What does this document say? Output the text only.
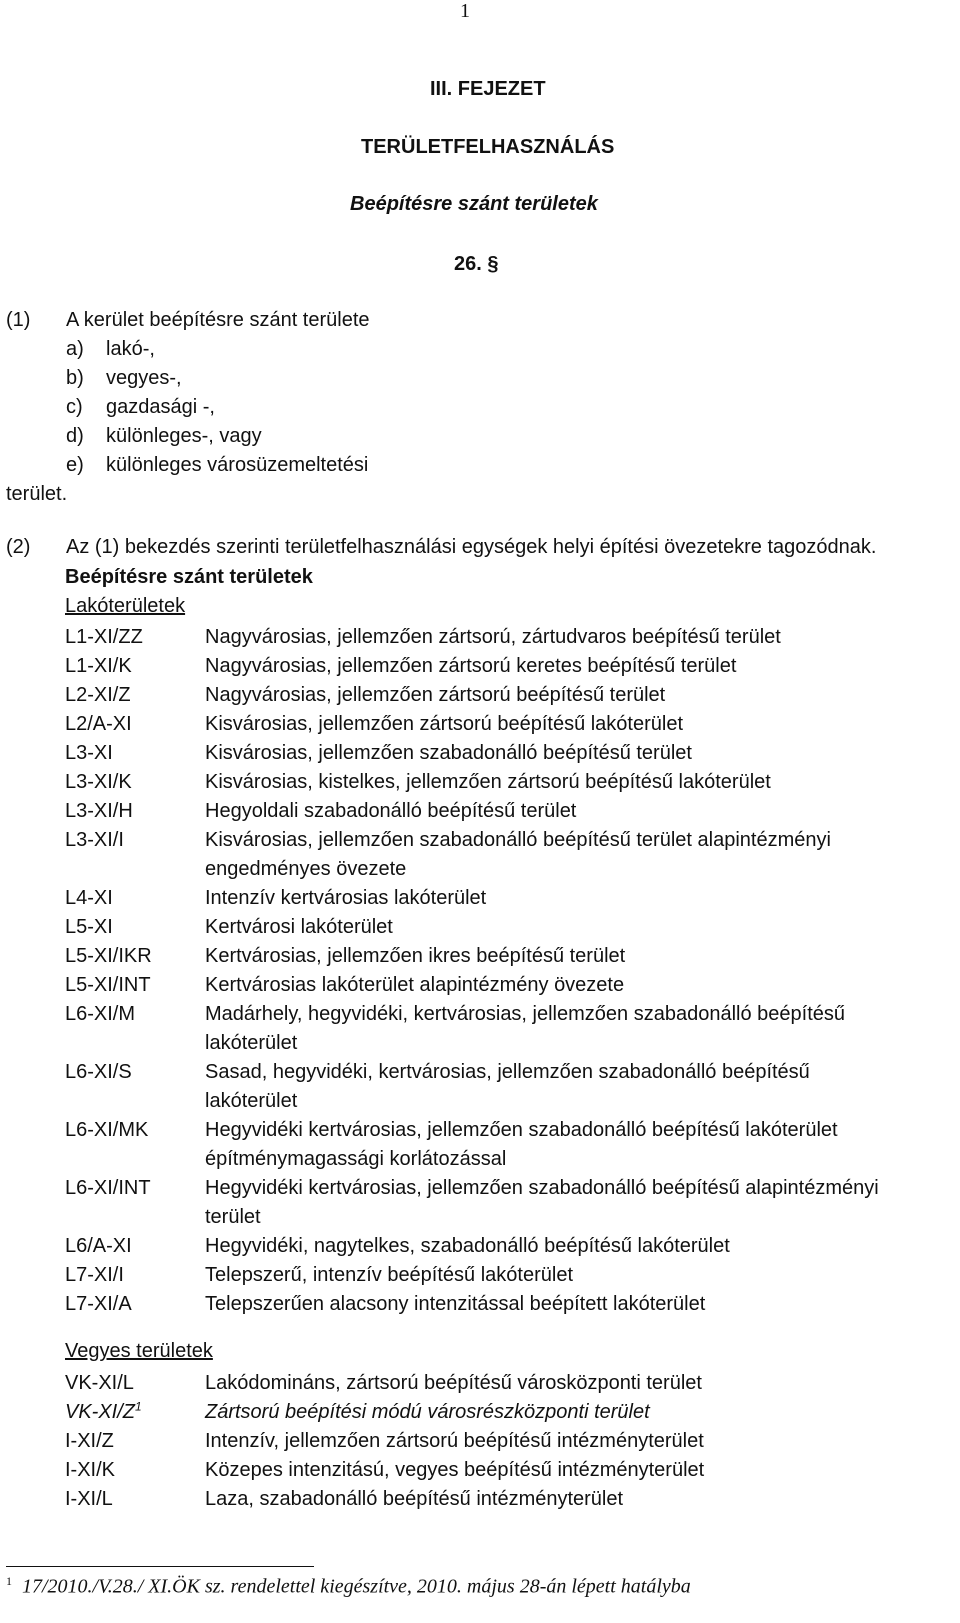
1
III. FEJEZET
TERÜLETFELHASZNÁLÁS
Beépítésre szánt területek
26. §
(1)	A kerület beépítésre szánt területe
a)	lakó-,
b)	vegyes-,
c)	gazdasági -,
d)	különleges-, vagy
e)	különleges városüzemeltetési
terület.
(2) Az (1) bekezdés szerinti területfelhasználási egységek helyi építési övezetekre tagozódnak.
Beépítésre szánt területek
Lakóterületek
L1-XI/ZZ	Nagyvárosias, jellemzően zártsorú, zártudvaros beépítésű terület
L1-XI/K	Nagyvárosias, jellemzően zártsorú keretes beépítésű terület
L2-XI/Z	Nagyvárosias, jellemzően zártsorú beépítésű terület
L2/A-XI	Kisvárosias, jellemzően zártsorú beépítésű lakóterület
L3-XI	Kisvárosias, jellemzően szabadonálló beépítésű terület
L3-XI/K	Kisvárosias, kistelkes, jellemzően zártsorú beépítésű lakóterület
L3-XI/H	Hegyoldali szabadonálló beépítésű terület
L3-XI/I	Kisvárosias, jellemzően szabadonálló beépítésű terület alapintézményi engedményes övezete
L4-XI	Intenzív kertvárosias lakóterület
L5-XI	Kertvárosi lakóterület
L5-XI/IKR	Kertvárosias, jellemzően ikres beépítésű terület
L5-XI/INT	Kertvárosias lakóterület alapintézmény övezete
L6-XI/M	Madárhely, hegyvidéki, kertvárosias, jellemzően szabadonálló beépítésű lakóterület
L6-XI/S	Sasad, hegyvidéki, kertvárosias, jellemzően szabadonálló beépítésű lakóterület
L6-XI/MK	Hegyvidéki kertvárosias, jellemzően szabadonálló beépítésű lakóterület építménymagassági korlátozással
L6-XI/INT	Hegyvidéki kertvárosias, jellemzően szabadonálló beépítésű alapintézményi terület
L6/A-XI	Hegyvidéki, nagytelkes, szabadonálló beépítésű lakóterület
L7-XI/I	Telepszerű, intenzív beépítésű lakóterület
L7-XI/A	Telepszerűen alacsony intenzitással beépített lakóterület
Vegyes területek
VK-XI/L	Lakódomináns, zártsorú beépítésű városközponti terület
VK-XI/Z$^1$	Zártsorú beépítési módú városrészközponti terület
I-XI/Z	Intenzív, jellemzően zártsorú beépítésű intézményterület
I-XI/K	Közepes intenzitású, vegyes beépítésű intézményterület
I-XI/L	Laza, szabadonálló beépítésű intézményterület
$^1$ 17/2010./V.28./ XI.ÖK sz. rendelettel kiegészítve, 2010. május 28-án lépett hatályba
